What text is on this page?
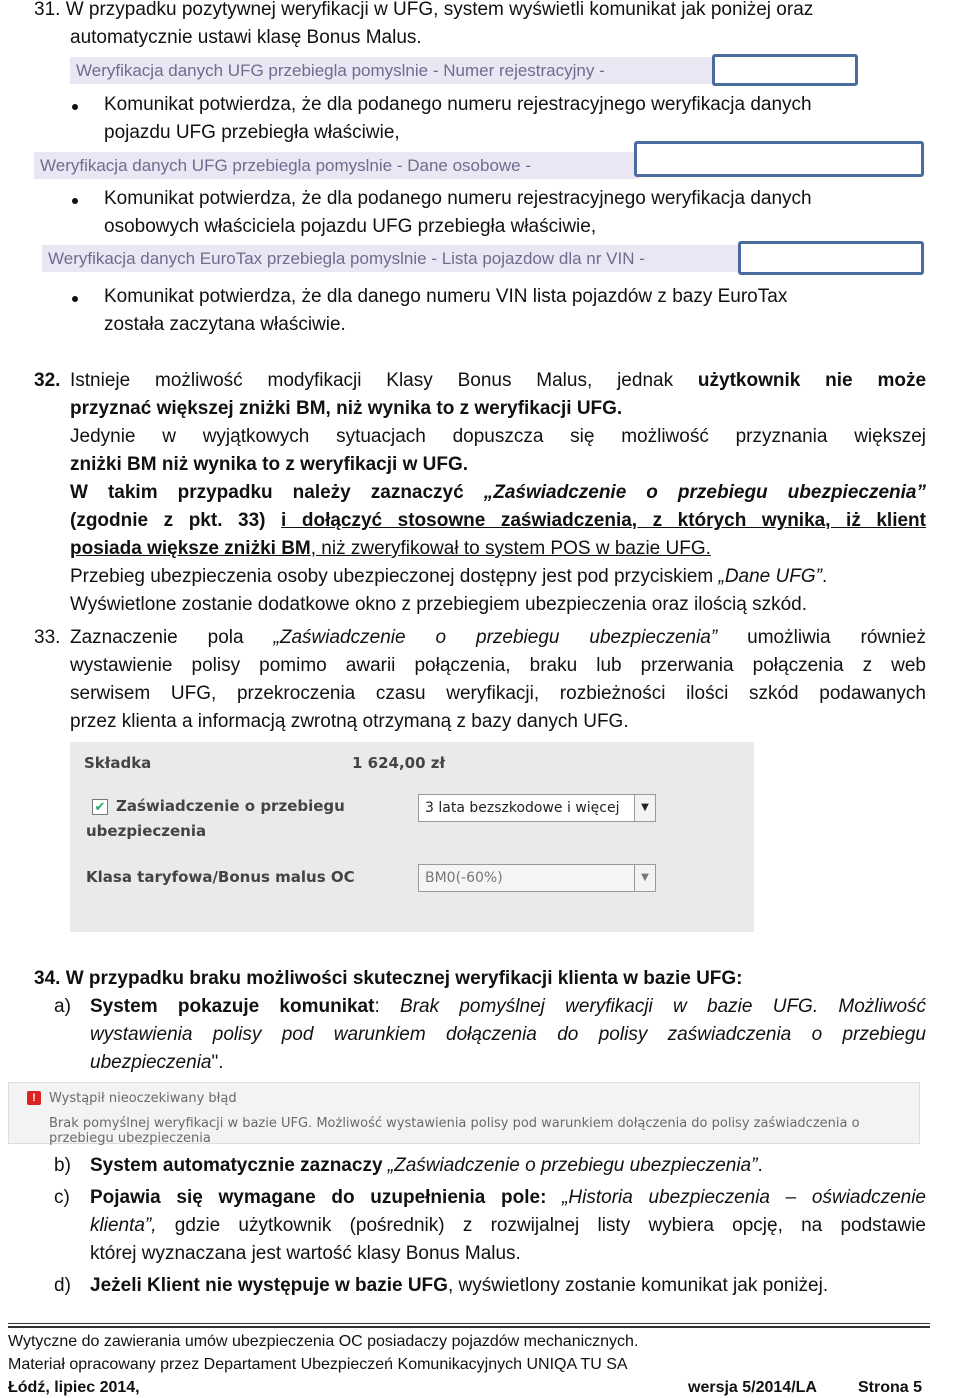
31. W przypadku pozytywnej weryfikacji w UFG, system wyświetli komunikat jak poniżej oraz
automatycznie ustawi klasę Bonus Malus.
Weryfikacja danych UFG przebiegla pomyslnie - Numer rejestracyjny -
Komunikat potwierdza, że dla podanego numeru rejestracyjnego weryfikacja danych
pojazdu UFG przebiegła właściwie,
Weryfikacja danych UFG przebiegla pomyslnie - Dane osobowe -
Komunikat potwierdza, że dla podanego numeru rejestracyjnego weryfikacja danych
osobowych właściciela pojazdu UFG przebiegła właściwie,
Weryfikacja danych EuroTax przebiegla pomyslnie - Lista pojazdow dla nr VIN -
Komunikat potwierdza, że dla danego numeru VIN lista pojazdów z bazy EuroTax
została zaczytana właściwie.
32. Istnieje możliwość modyfikacji Klasy Bonus Malus, jednak użytkownik nie może
przyznać większej zniżki BM, niż wynika to z weryfikacji UFG.
Jedynie w wyjątkowych sytuacjach dopuszcza się możliwość przyznania większej
zniżki BM niż wynika to z weryfikacji w UFG.
W takim przypadku należy zaznaczyć „Zaświadczenie o przebiegu ubezpieczenia”
(zgodnie z pkt. 33) i dołączyć stosowne zaświadczenia, z których wynika, iż klient
posiada większe zniżki BM, niż zweryfikował to system POS w bazie UFG.
Przebieg ubezpieczenia osoby ubezpieczonej dostępny jest pod przyciskiem „Dane UFG”.
Wyświetlone zostanie dodatkowe okno z przebiegiem ubezpieczenia oraz ilością szkód.
33. Zaznaczenie pola „Zaświadczenie o przebiegu ubezpieczenia” umożliwia również
wystawienie polisy pomimo awarii połączenia, braku lub przerwania połączenia z web
serwisem UFG, przekroczenia czasu weryfikacji, rozbieżności ilości szkód podawanych
przez klienta a informacją zwrotną otrzymaną z bazy danych UFG.
Składka	1 624,00 zł
✔ Zaświadczenie o przebiegu
ubezpieczenia
3 lata bezszkodowe i więcej	▼
Klasa taryfowa/Bonus malus OC	BM0(-60%)	▼
34. W przypadku braku możliwości skutecznej weryfikacji klienta w bazie UFG:
a) System pokazuje komunikat: Brak pomyślnej weryfikacji w bazie UFG. Możliwość
wystawienia polisy pod warunkiem dołączenia do polisy zaświadczenia o przebiegu
ubezpieczenia".
!	Wystąpił nieoczekiwany błąd
Brak pomyślnej weryfikacji w bazie UFG. Możliwość wystawienia polisy pod warunkiem dołączenia do polisy zaświadczenia o przebiegu ubezpieczenia
b) System automatycznie zaznaczy „Zaświadczenie o przebiegu ubezpieczenia”.
c) Pojawia się wymagane do uzupełnienia pole: „Historia ubezpieczenia – oświadczenie
klienta”, gdzie użytkownik (pośrednik) z rozwijalnej listy wybiera opcję, na podstawie
której wyznaczana jest wartość klasy Bonus Malus.
d) Jeżeli Klient nie występuje w bazie UFG, wyświetlony zostanie komunikat jak poniżej.
Wytyczne do zawierania umów ubezpieczenia OC posiadaczy pojazdów mechanicznych.
Materiał opracowany przez Departament Ubezpieczeń Komunikacyjnych UNIQA TU SA
Łódź, lipiec 2014,	wersja 5/2014/LA	Strona 5
